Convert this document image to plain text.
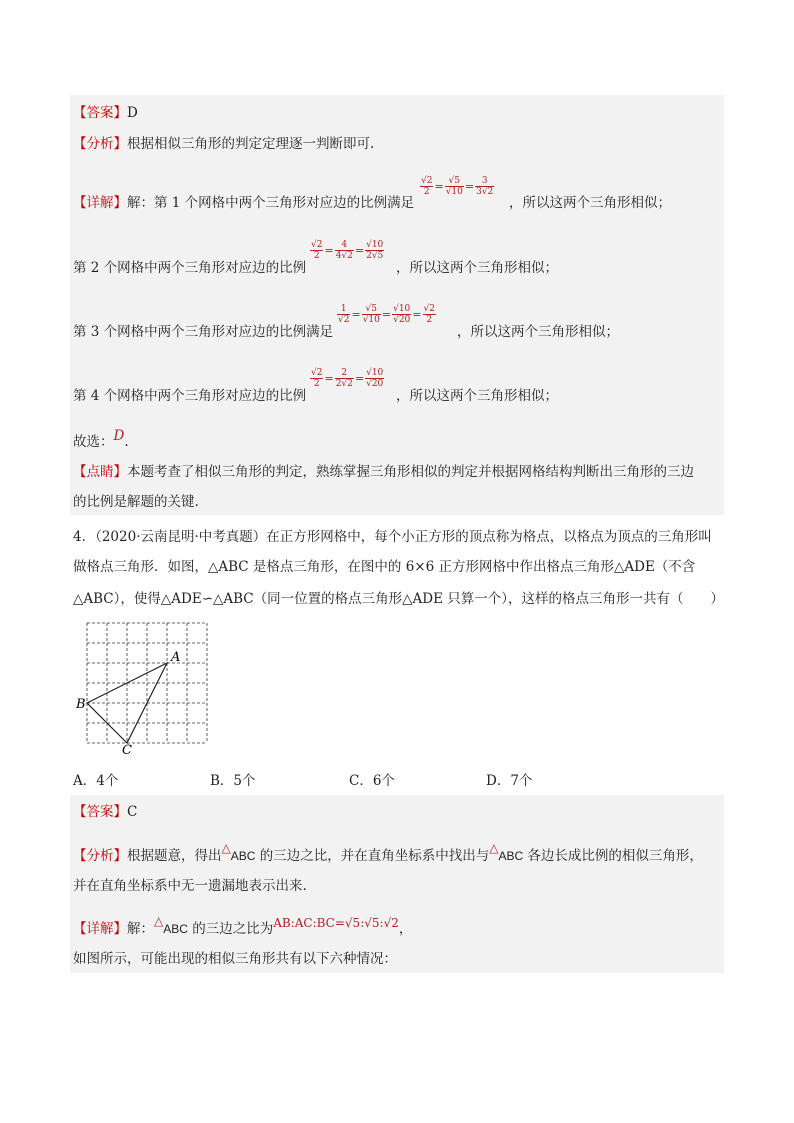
【答案】D
【分析】根据相似三角形的判定定理逐一判断即可.
【详解】解：第 1 个网格中两个三角形对应边的比例满足
$\frac{√2}{2} = \frac{√5}{√10} = \frac{3}{3√2}$
，所以这两个三角形相似；
第 2 个网格中两个三角形对应边的比例
$\frac{√2}{2} = \frac{4}{4√2} = \frac{√10}{2√5}$
，所以这两个三角形相似；
第 3 个网格中两个三角形对应边的比例满足
$\frac{1}{√2} = \frac{√5}{√10} = \frac{√10}{√20} = \frac{√2}{2}$
，所以这两个三角形相似；
第 4 个网格中两个三角形对应边的比例
$\frac{√2}{2} = \frac{2}{2√2} = \frac{√10}{√20}$
，所以这两个三角形相似；
故选：D.
【点睛】本题考查了相似三角形的判定，熟练掌握三角形相似的判定并根据网格结构判断出三角形的三边
的比例是解题的关键.
4．（2020·云南昆明·中考真题）在正方形网格中，每个小正方形的顶点称为格点，以格点为顶点的三角形叫
做格点三角形．如图，△ABC 是格点三角形，在图中的 6×6 正方形网格中作出格点三角形△ADE（不含
△ABC），使得△ADE∽△ABC（同一位置的格点三角形△ADE 只算一个），这样的格点三角形一共有（　　）
A
B
C
A．4个	B．5个	C．6个	D．7个
【答案】C
【分析】根据题意，得出△ABC 的三边之比，并在直角坐标系中找出与△ABC 各边长成比例的相似三角形，
并在直角坐标系中无一遗漏地表示出来.
【详解】解：△ABC 的三边之比为AB:AC:BC=√5:√5:√2，
如图所示，可能出现的相似三角形共有以下六种情况：
